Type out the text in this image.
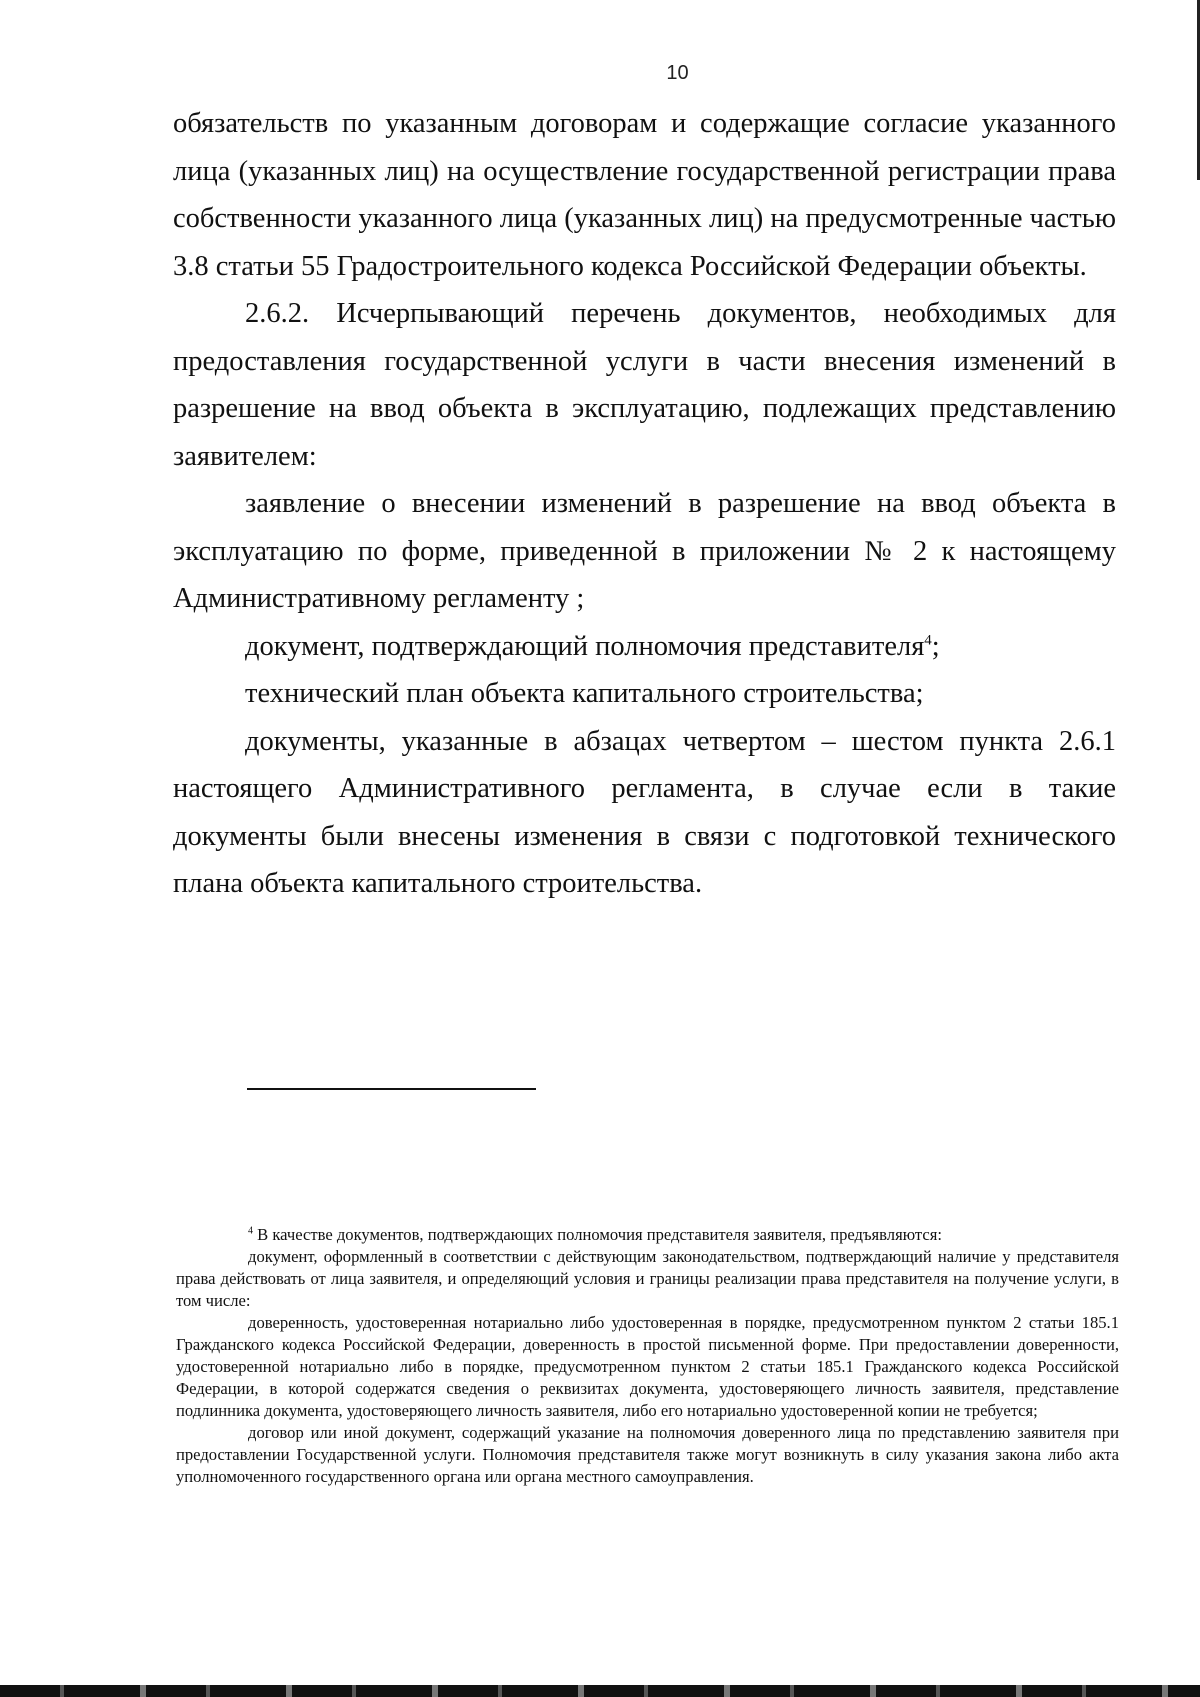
10

обязательств по указанным договорам и содержащие согласие указанного лица (указанных лиц) на осуществление государственной регистрации права собственности указанного лица (указанных лиц) на предусмотренные частью 3.8 статьи 55 Градостроительного кодекса Российской Федерации объекты.

2.6.2. Исчерпывающий перечень документов, необходимых для предоставления государственной услуги в части внесения изменений в разрешение на ввод объекта в эксплуатацию, подлежащих представлению заявителем:

заявление о внесении изменений в разрешение на ввод объекта в эксплуатацию по форме, приведенной в приложении № 2 к настоящему Административному регламенту ;

документ, подтверждающий полномочия представителя$^4$;

технический план объекта капитального строительства;

документы, указанные в абзацах четвертом – шестом пункта 2.6.1 настоящего Административного регламента, в случае если в такие документы были внесены изменения в связи с подготовкой технического плана объекта капитального строительства.

$^4$ В качестве документов, подтверждающих полномочия представителя заявителя, предъявляются:

документ, оформленный в соответствии с действующим законодательством, подтверждающий наличие у представителя права действовать от лица заявителя, и определяющий условия и границы реализации права представителя на получение услуги, в том числе:

доверенность, удостоверенная нотариально либо удостоверенная в порядке, предусмотренном пунктом 2 статьи 185.1 Гражданского кодекса Российской Федерации, доверенность в простой письменной форме. При предоставлении доверенности, удостоверенной нотариально либо в порядке, предусмотренном пунктом 2 статьи 185.1 Гражданского кодекса Российской Федерации, в которой содержатся сведения о реквизитах документа, удостоверяющего личность заявителя, представление подлинника документа, удостоверяющего личность заявителя, либо его нотариально удостоверенной копии не требуется;

договор или иной документ, содержащий указание на полномочия доверенного лица по представлению заявителя при предоставлении Государственной услуги. Полномочия представителя также могут возникнуть в силу указания закона либо акта уполномоченного государственного органа или органа местного самоуправления.
